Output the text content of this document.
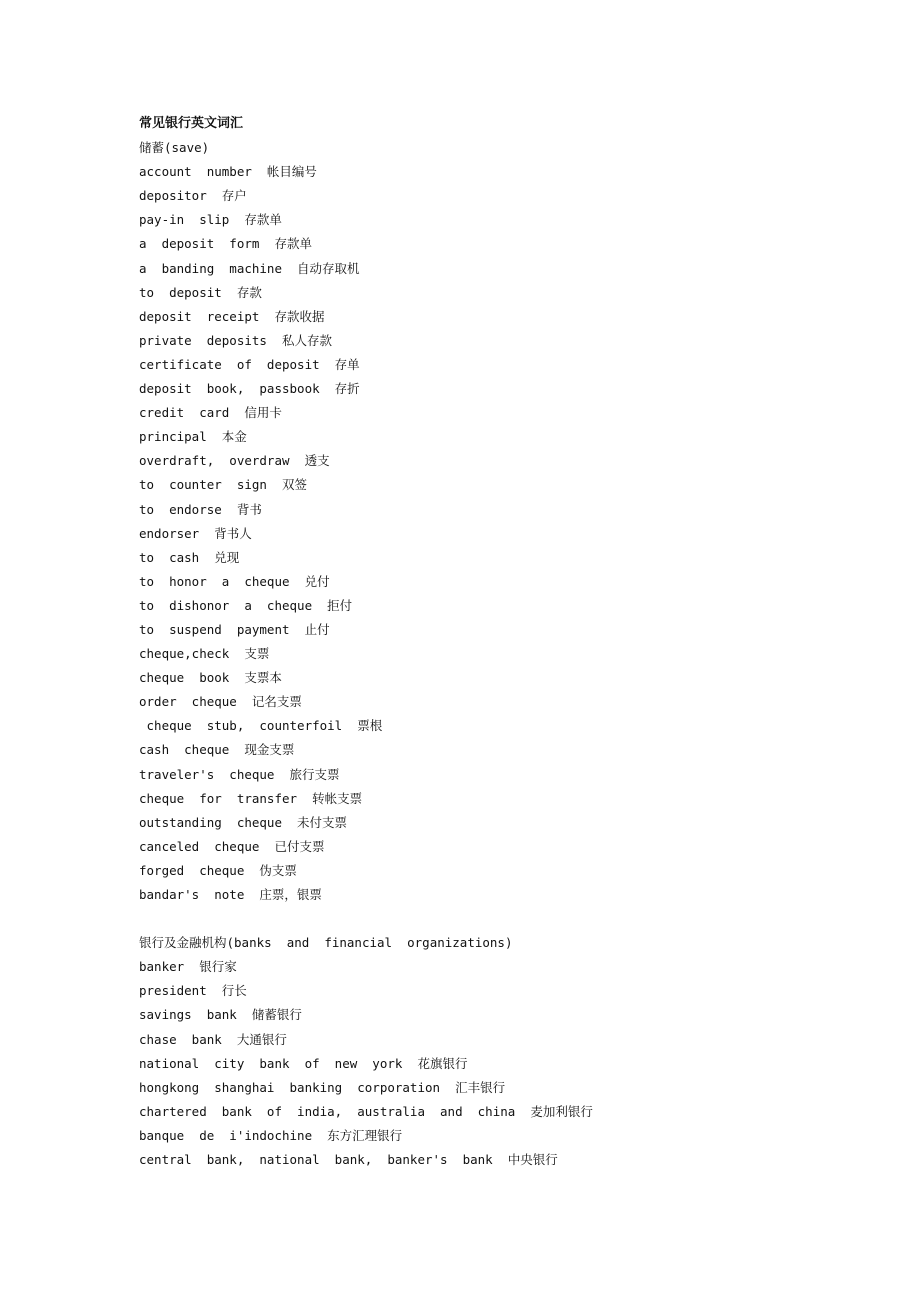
常见银行英文词汇
储蓄(save)
account  number  帐目编号
depositor  存户
pay-in  slip  存款单
a  deposit  form  存款单
a  banding  machine  自动存取机
to  deposit  存款
deposit  receipt  存款收据
private  deposits  私人存款
certificate  of  deposit  存单
deposit  book,  passbook  存折
credit  card  信用卡
principal  本金
overdraft,  overdraw  透支
to  counter  sign  双签
to  endorse  背书
endorser  背书人
to  cash  兑现
to  honor  a  cheque  兑付
to  dishonor  a  cheque  拒付
to  suspend  payment  止付
cheque,check  支票
cheque  book  支票本
order  cheque  记名支票
cheque  stub,  counterfoil  票根
cash  cheque  现金支票
traveler's  cheque  旅行支票
cheque  for  transfer  转帐支票
outstanding  cheque  未付支票
canceled  cheque  已付支票
forged  cheque  伪支票
bandar's  note  庄票，银票
银行及金融机构(banks  and  financial  organizations)
banker  银行家
president  行长
savings  bank  储蓄银行
chase  bank  大通银行
national  city  bank  of  new  york  花旗银行
hongkong  shanghai  banking  corporation  汇丰银行
chartered  bank  of  india,  australia  and  china  麦加利银行
banque  de  i'indochine  东方汇理银行
central  bank,  national  bank,  banker's  bank  中央银行
